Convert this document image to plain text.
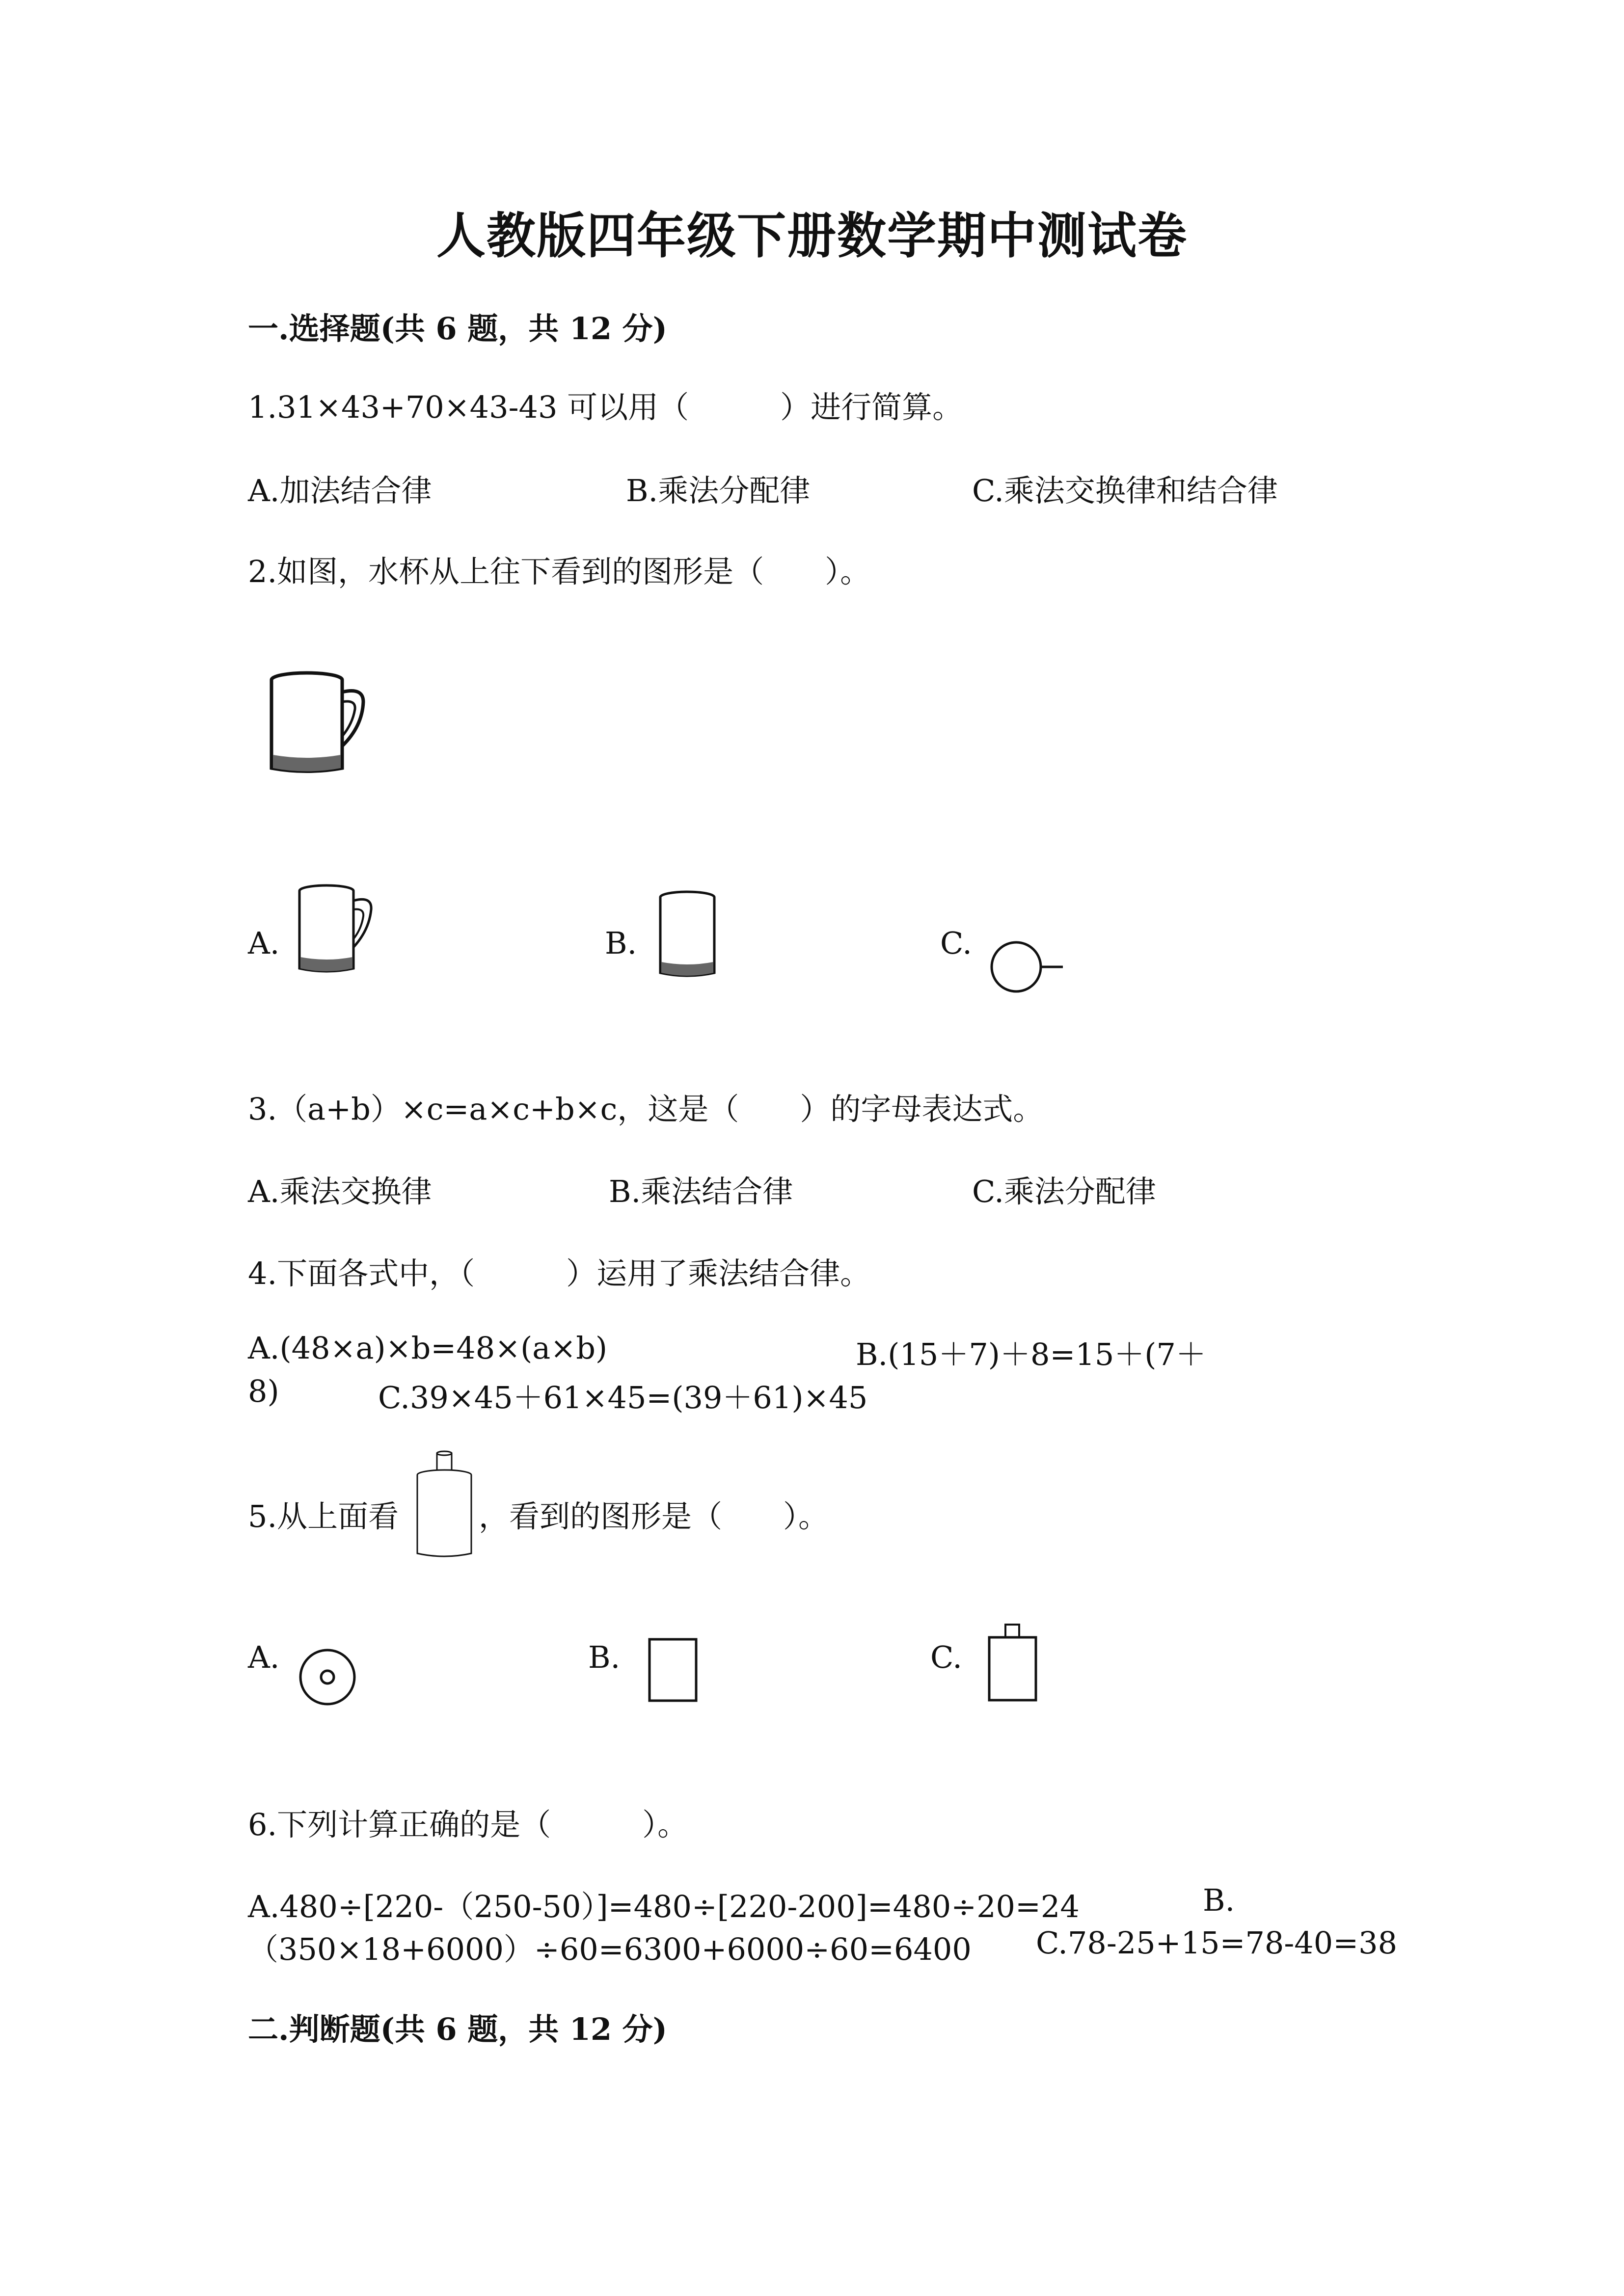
人教版四年级下册数学期中测试卷
一.选择题(共 6 题，共 12 分)
1.31×43+70×43-43 可以用（　　　）进行简算。
A.加法结合律	B.乘法分配律	C.乘法交换律和结合律
2.如图，水杯从上往下看到的图形是（　　）。
A.	B.	C.
3.（a+b）×c=a×c+b×c，这是（　　）的字母表达式。
A.乘法交换律	B.乘法结合律	C.乘法分配律
4.下面各式中，（　　　）运用了乘法结合律。
A.(48×a)×b=48×(a×b)	B.(15＋7)＋8=15＋(7＋
8)	C.39×45＋61×45=(39＋61)×45
5.从上面看	，看到的图形是（　　）。
A.	B.	C.
6.下列计算正确的是（　　　）。
A.480÷[220-（250-50）]=480÷[220-200]=480÷20=24	B.
（350×18+6000）÷60=6300+6000÷60=6400 C.78-25+15=78-40=38
二.判断题(共 6 题，共 12 分)
